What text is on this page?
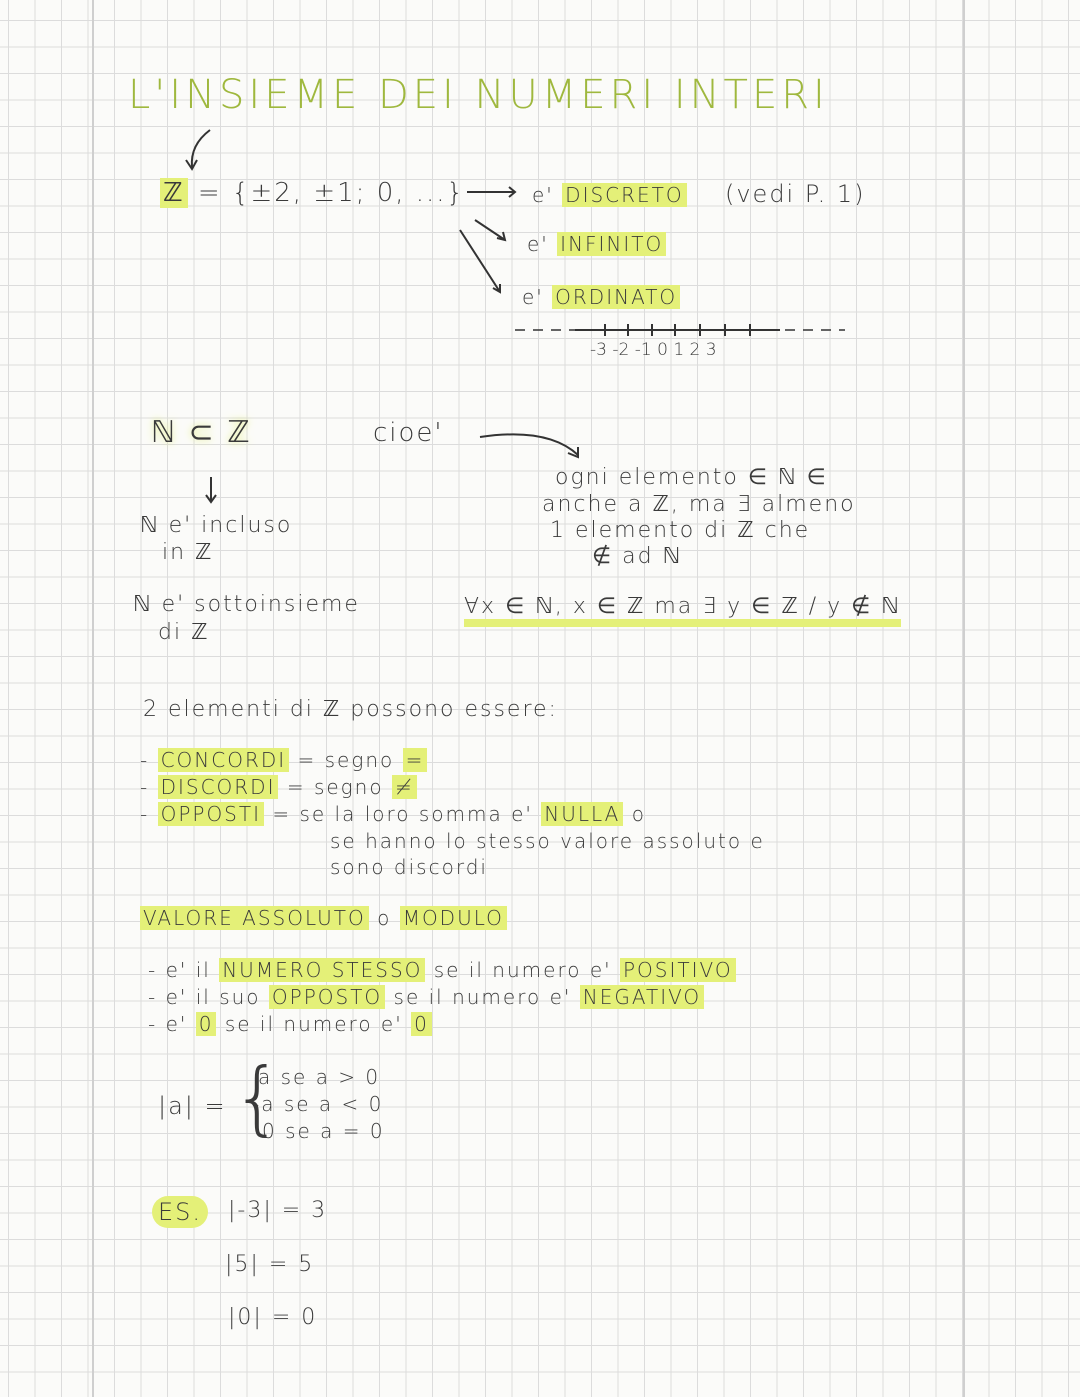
L'INSIEME DEI NUMERI INTERI
ℤ = {±2, ±1; 0, ...}	e' DISCRETO (vedi P. 1)
e' INFINITO
e' ORDINATO
-3 -2 -1 0 1 2 3
ℕ ⊂ ℤ	cioe'
ℕ e' incluso
in ℤ
ℕ e' sottoinsieme
di ℤ
ogni elemento ∈ ℕ ∈
anche a ℤ, ma ∃ almeno
1 elemento di ℤ che
∉ ad ℕ
∀x ∈ ℕ, x ∈ ℤ ma ∃ y ∈ ℤ / y ∉ ℕ
2 elementi di ℤ possono essere:
- CONCORDI = segno =
- DISCORDI = segno ≠
- OPPOSTI = se la loro somma e' NULLA o
se hanno lo stesso valore assoluto e
sono discordi
VALORE ASSOLUTO o MODULO
- e' il NUMERO STESSO se il numero e' POSITIVO
- e' il suo OPPOSTO se il numero e' NEGATIVO
- e' 0 se il numero e' 0
|a| = {
a se a > 0
-a se a < 0
0 se a = 0
ES. |-3| = 3
|5| = 5
|0| = 0
